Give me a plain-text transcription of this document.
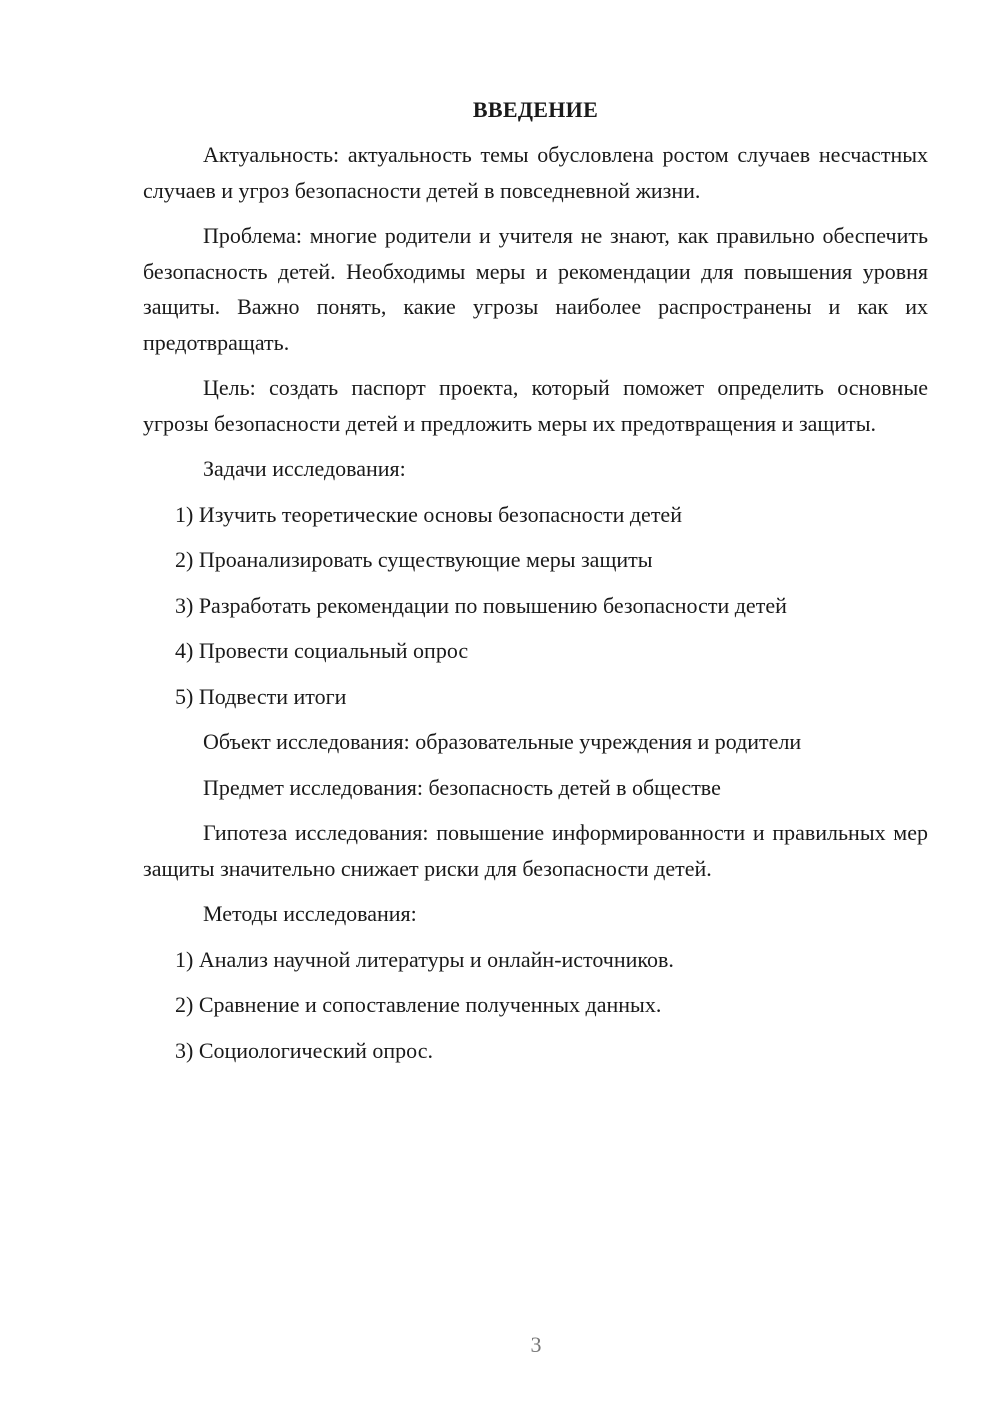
ВВЕДЕНИЕ

Актуальность: актуальность темы обусловлена ростом случаев несчастных случаев и угроз безопасности детей в повседневной жизни.

Проблема: многие родители и учителя не знают, как правильно обеспечить безопасность детей. Необходимы меры и рекомендации для повышения уровня защиты. Важно понять, какие угрозы наиболее распространены и как их предотвращать.

Цель: создать паспорт проекта, который поможет определить основные угрозы безопасности детей и предложить меры их предотвращения и защиты.

Задачи исследования:
1) Изучить теоретические основы безопасности детей
2) Проанализировать существующие меры защиты
3) Разработать рекомендации по повышению безопасности детей
4) Провести социальный опрос
5) Подвести итоги
Объект исследования: образовательные учреждения и родители
Предмет исследования: безопасность детей в обществе

Гипотеза исследования: повышение информированности и правильных мер защиты значительно снижает риски для безопасности детей.

Методы исследования:
1) Анализ научной литературы и онлайн-источников.
2) Сравнение и сопоставление полученных данных.
3) Социологический опрос.
3
